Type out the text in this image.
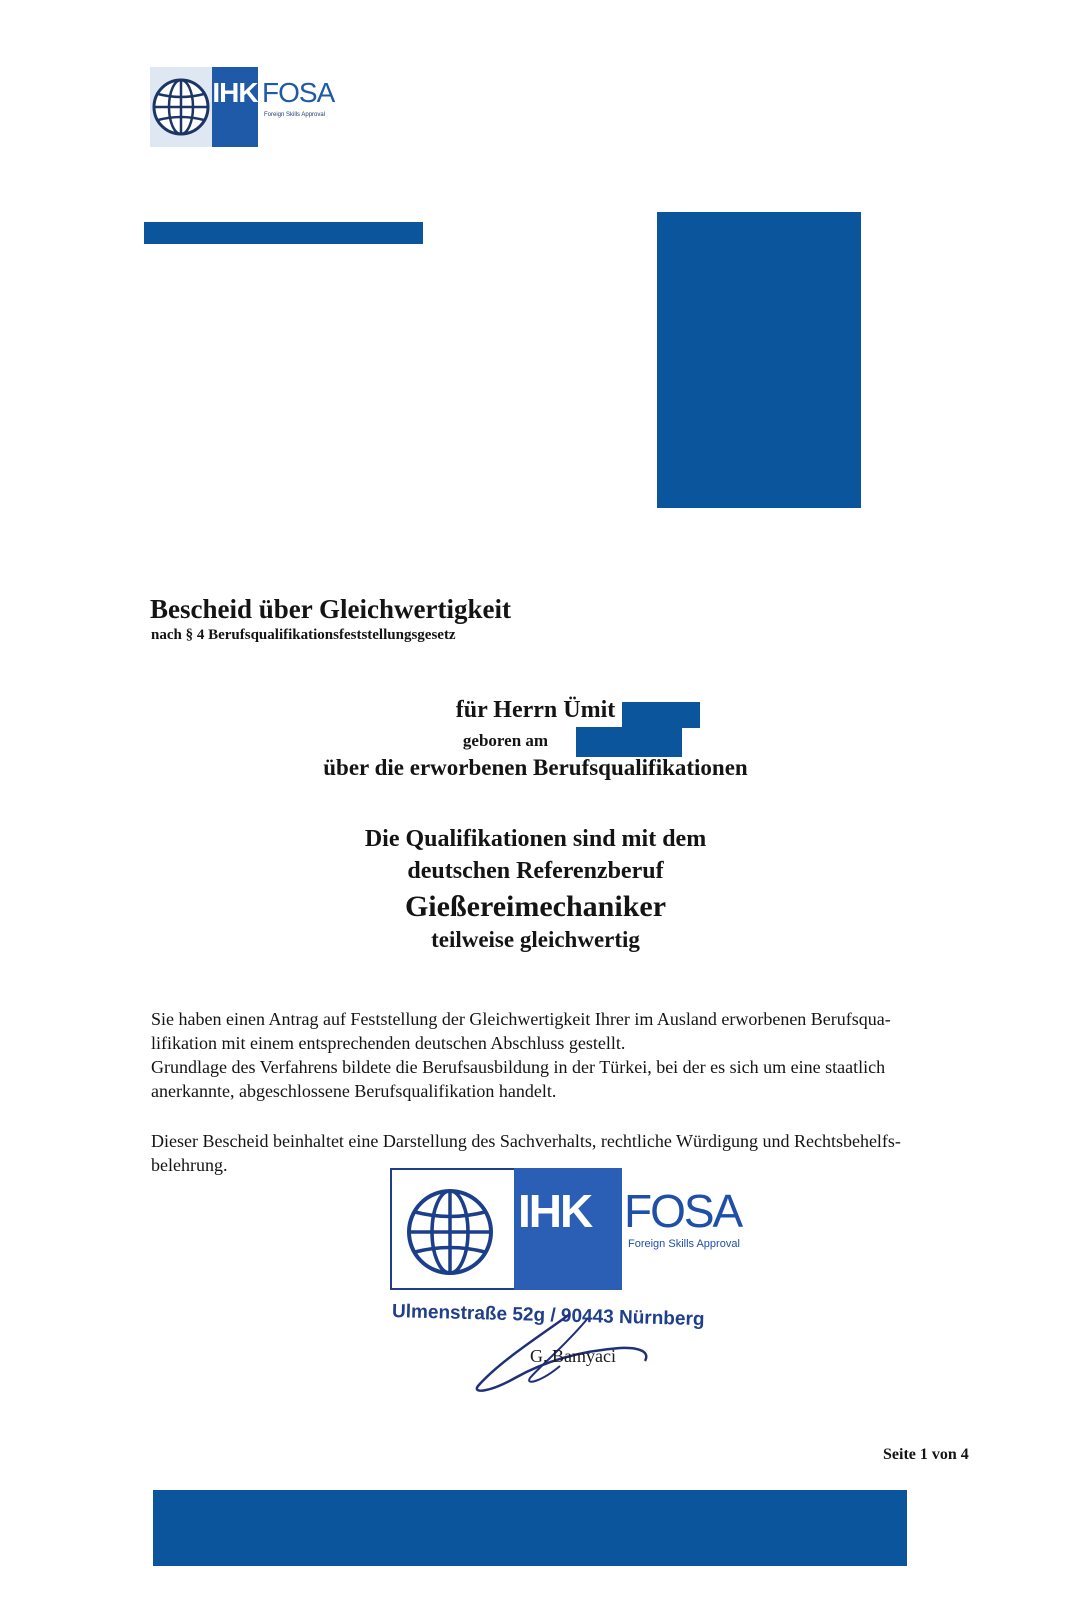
IHK FOSA
Foreign Skills Approval
Bescheid über Gleichwertigkeit
nach § 4 Berufsqualifikationsfeststellungsgesetz
für Herrn Ümit
geboren am
über die erworbenen Berufsqualifikationen
Die Qualifikationen sind mit dem
deutschen Referenzberuf
Gießereimechaniker
teilweise gleichwertig
Sie haben einen Antrag auf Feststellung der Gleichwertigkeit Ihrer im Ausland erworbenen Berufsqua-
lifikation mit einem entsprechenden deutschen Abschluss gestellt.
Grundlage des Verfahrens bildete die Berufsausbildung in der Türkei, bei der es sich um eine staatlich
anerkannte, abgeschlossene Berufsqualifikation handelt.
Dieser Bescheid beinhaltet eine Darstellung des Sachverhalts, rechtliche Würdigung und Rechtsbehelfs-
belehrung.
IHK FOSA
Foreign Skills Approval
Ulmenstraße 52g / 90443 Nürnberg
G. Bamyaci
Seite 1 von 4
